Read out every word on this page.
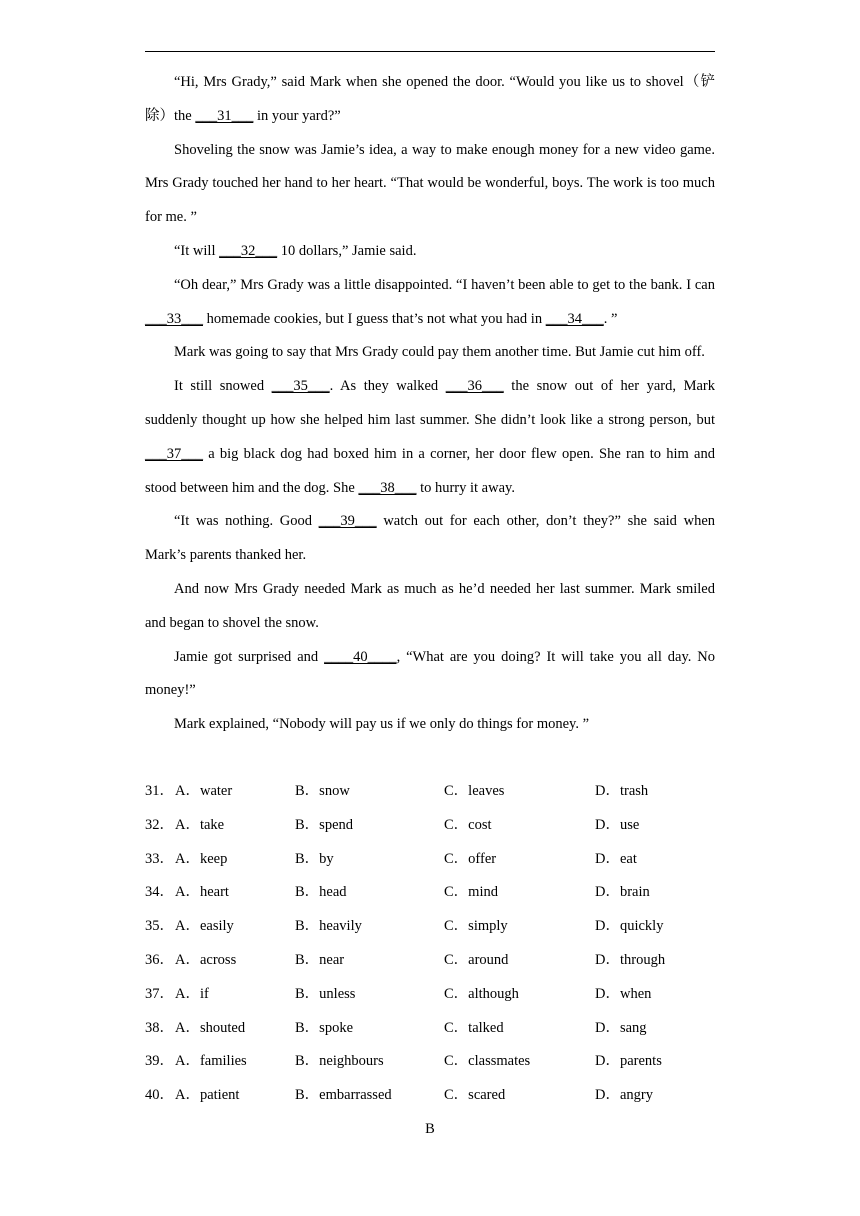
“Hi, Mrs Grady,” said Mark when she opened the door. “Would you like us to shovel（铲除）the ___31___ in your yard?”

Shoveling the snow was Jamie’s idea, a way to make enough money for a new video game. Mrs Grady touched her hand to her heart. “That would be wonderful, boys. The work is too much for me. ”

“It will ___32___ 10 dollars,” Jamie said.

“Oh dear,” Mrs Grady was a little disappointed. “I haven’t been able to get to the bank. I can ___33___ homemade cookies, but I guess that’s not what you had in ___34___. ”

Mark was going to say that Mrs Grady could pay them another time. But Jamie cut him off.

It still snowed ___35___. As they walked ___36___ the snow out of her yard, Mark suddenly thought up how she helped him last summer. She didn’t look like a strong person, but ___37___ a big black dog had boxed him in a corner, her door flew open. She ran to him and stood between him and the dog. She ___38___ to hurry it away.

“It was nothing. Good ___39___ watch out for each other, don’t they?” she said when Mark’s parents thanked her.

And now Mrs Grady needed Mark as much as he’d needed her last summer. Mark smiled and began to shovel the snow.

Jamie got surprised and ____40____, “What are you doing? It will take you all day. No money!”

Mark explained, “Nobody will pay us if we only do things for money. ”

31． A．water	B．snow	C．leaves	D．trash
32． A．take	B．spend	C．cost	D．use
33． A．keep	B．by	C．offer	D．eat
34． A．heart	B．head	C．mind	D．brain
35． A．easily	B．heavily	C．simply	D．quickly
36． A．across	B．near	C．around	D．through
37． A．if	B．unless	C．although	D．when
38． A．shouted	B．spoke	C．talked	D．sang
39． A．families	B．neighbours	C．classmates	D．parents
40． A．patient	B．embarrassed	C．scared	D．angry
B
